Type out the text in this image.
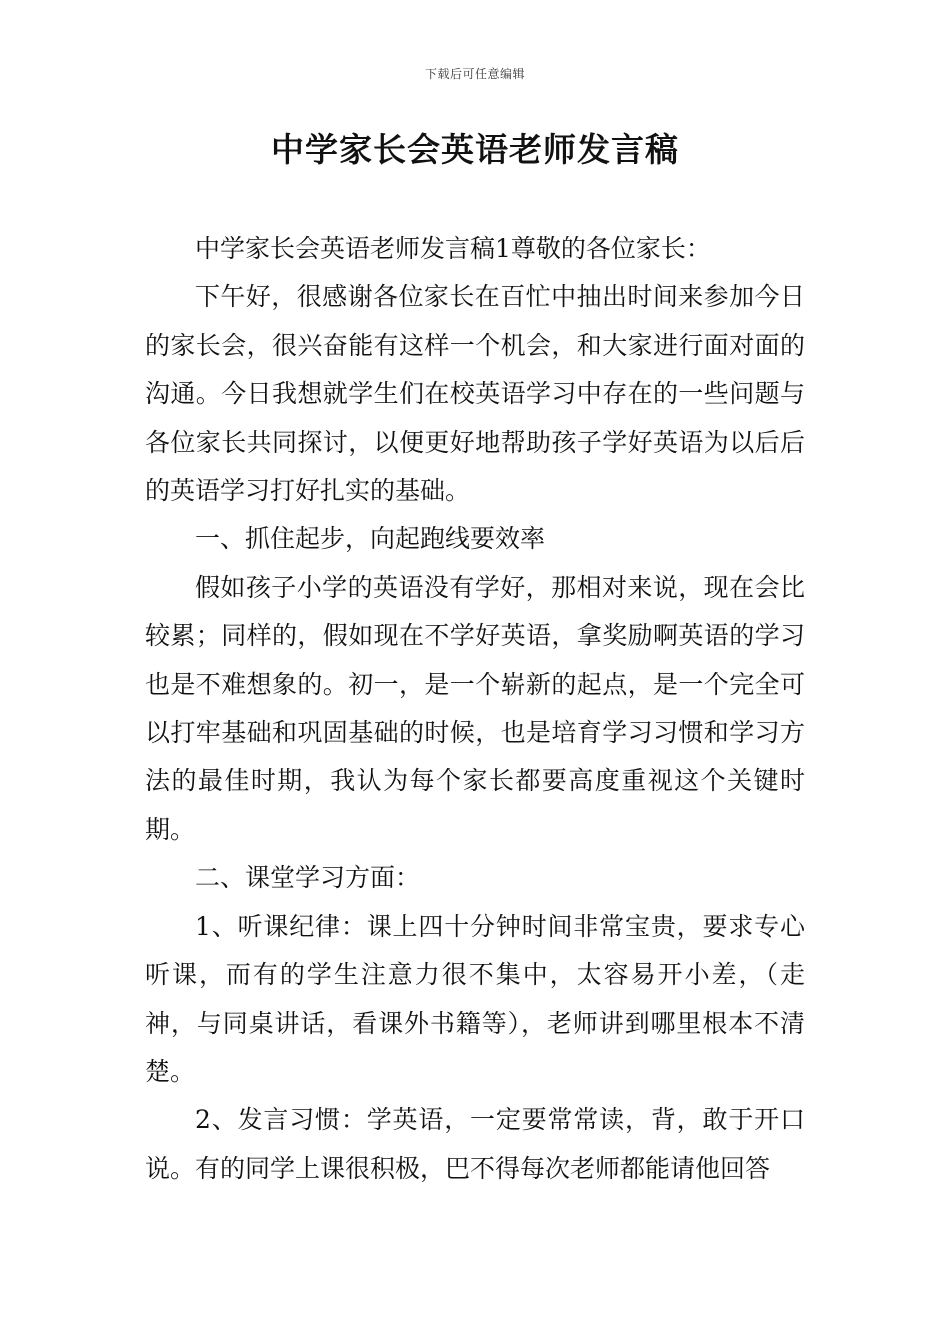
下载后可任意编辑
中学家长会英语老师发言稿

中学家长会英语老师发言稿1尊敬的各位家长：

下午好，很感谢各位家长在百忙中抽出时间来参加今日的家长会，很兴奋能有这样一个机会，和大家进行面对面的沟通。今日我想就学生们在校英语学习中存在的一些问题与各位家长共同探讨，以便更好地帮助孩子学好英语为以后后的英语学习打好扎实的基础。

一、抓住起步，向起跑线要效率

假如孩子小学的英语没有学好，那相对来说，现在会比较累；同样的，假如现在不学好英语，拿奖励啊英语的学习也是不难想象的。初一，是一个崭新的起点，是一个完全可以打牢基础和巩固基础的时候，也是培育学习习惯和学习方法的最佳时期，我认为每个家长都要高度重视这个关键时期。

二、课堂学习方面：

1、听课纪律：课上四十分钟时间非常宝贵，要求专心听课，而有的学生注意力很不集中，太容易开小差，（走神，与同桌讲话，看课外书籍等），老师讲到哪里根本不清楚。

2、发言习惯：学英语，一定要常常读，背，敢于开口说。有的同学上课很积极，巴不得每次老师都能请他回答
